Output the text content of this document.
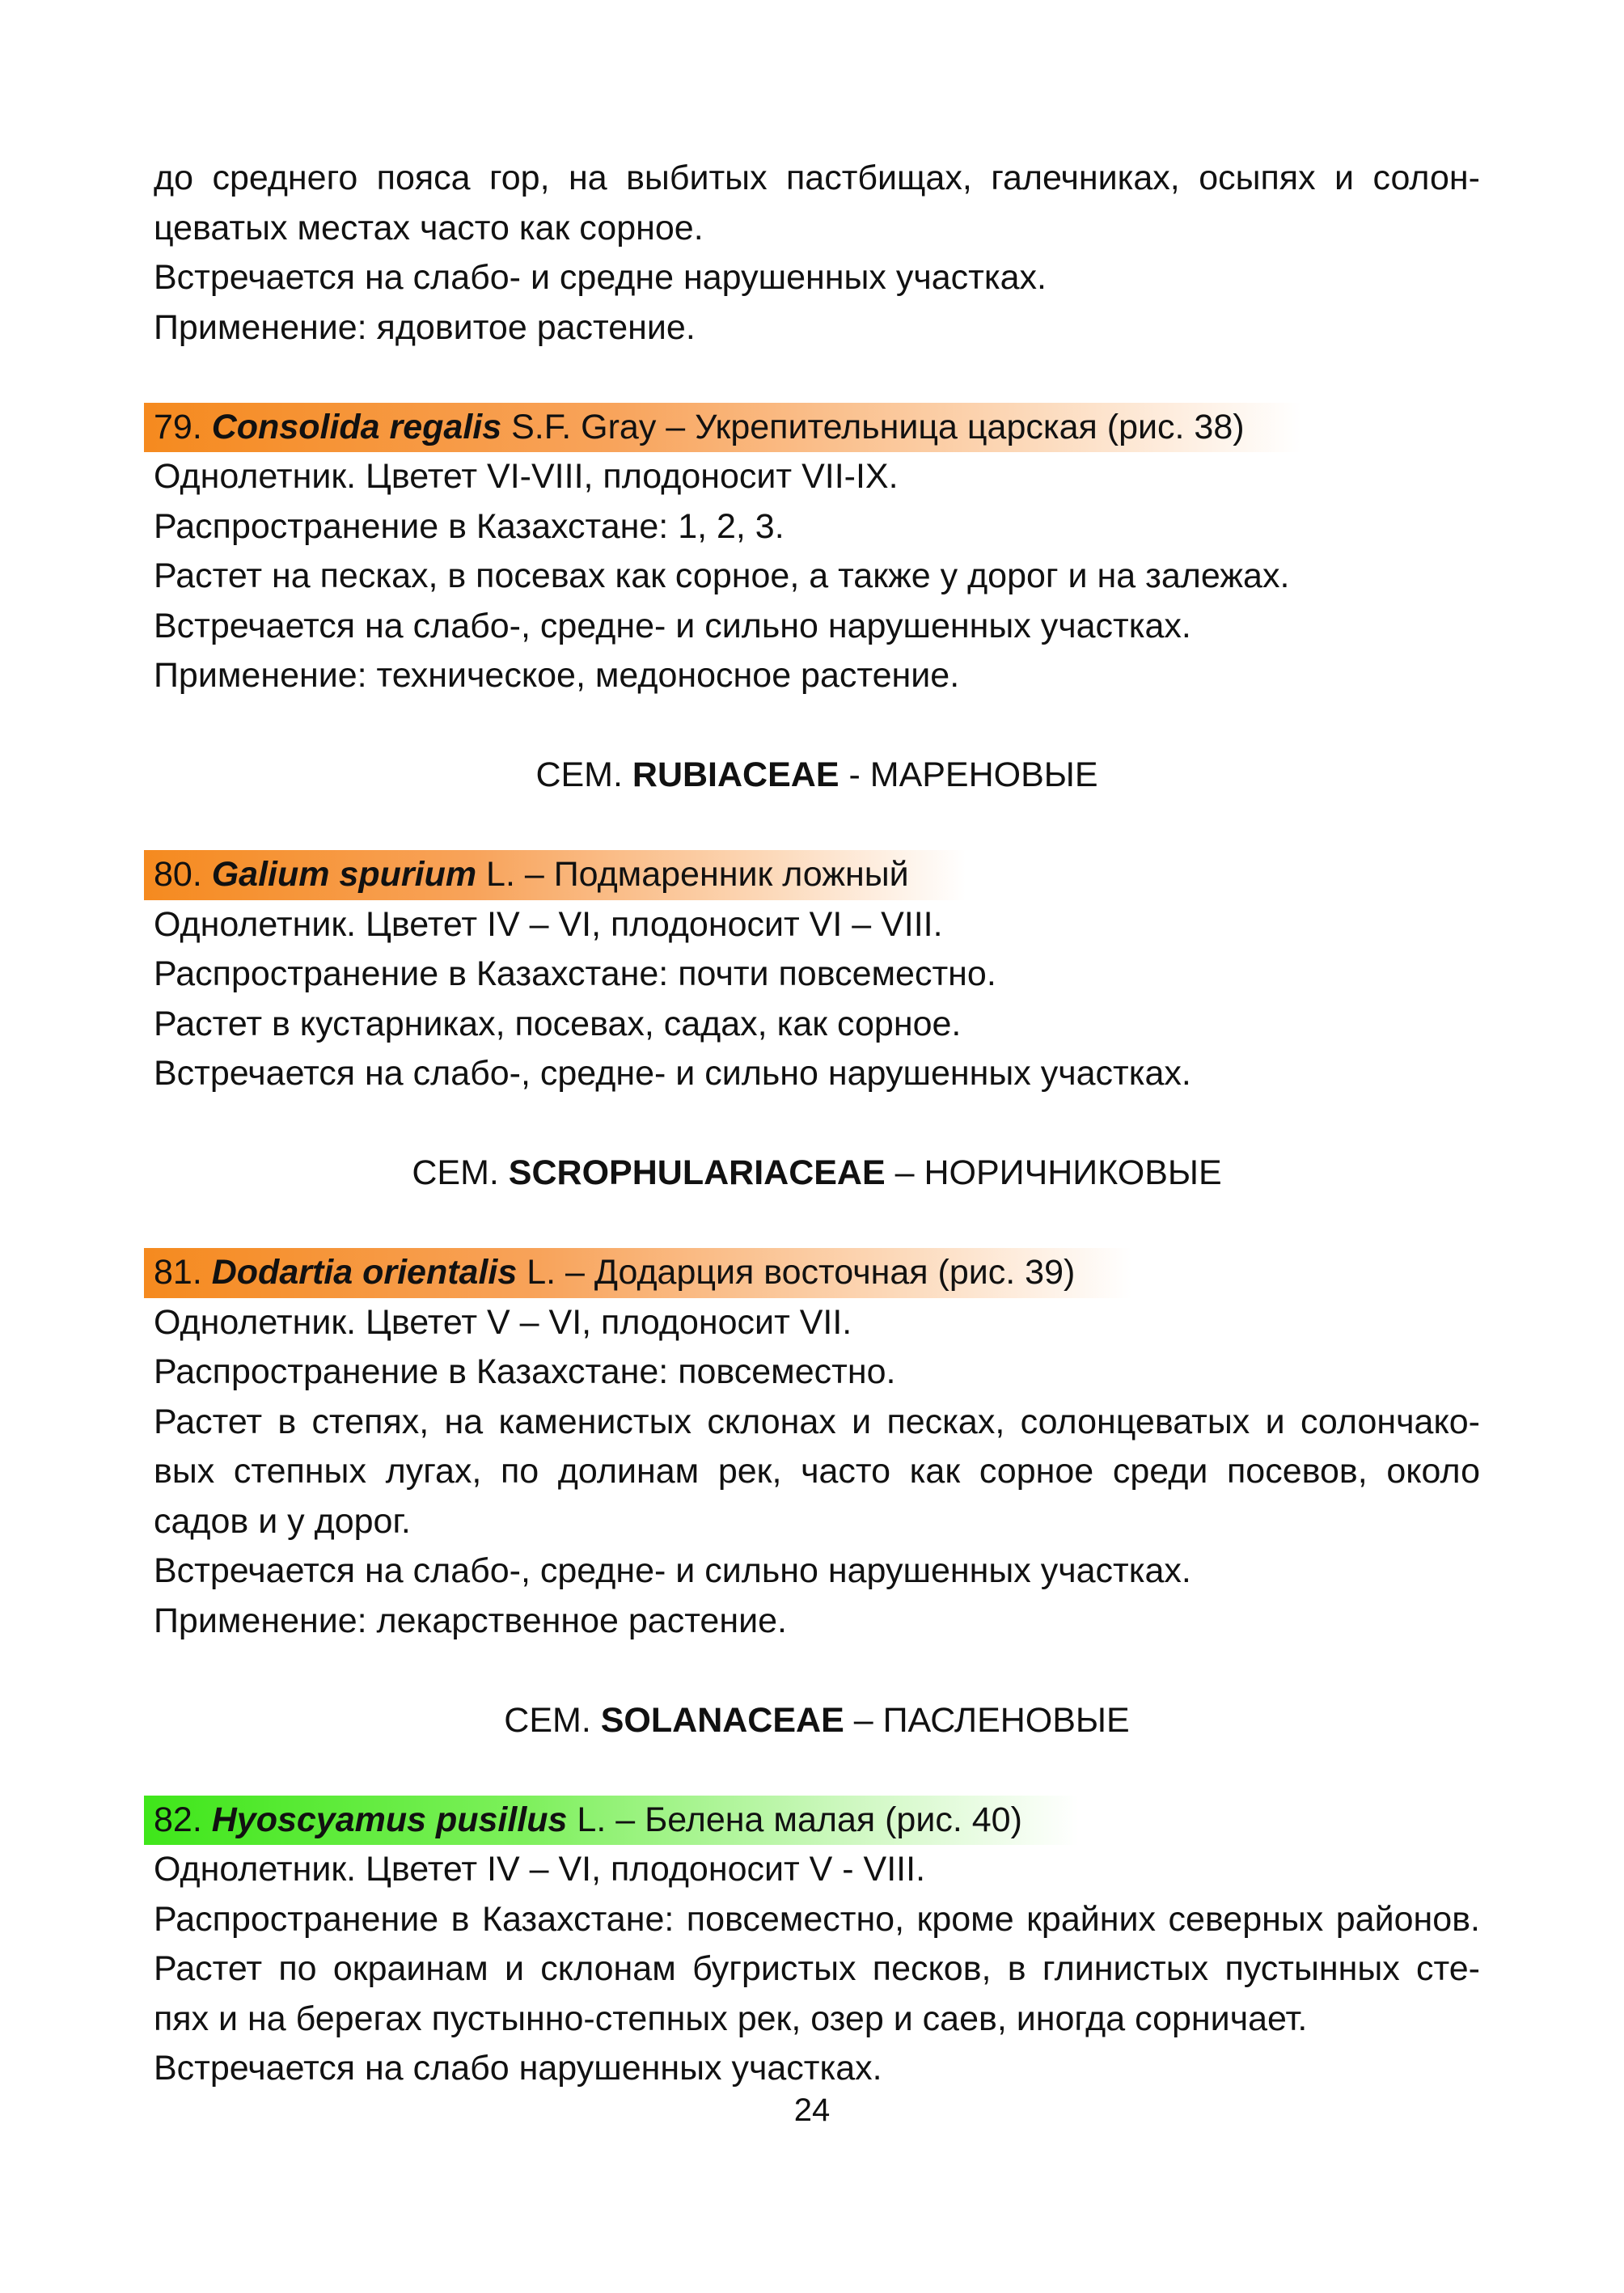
до среднего пояса гор, на выбитых пастбищах, галечниках, осыпях и солон-
цеватых местах часто как сорное.
Встречается на слабо- и средне нарушенных участках.
Применение: ядовитое растение.
79. Consolida regalis S.F. Gray – Укрепительница царская (рис. 38)
Однолетник. Цветет VI-VIII, плодоносит VII-IX.
Распространение в Казахстане: 1, 2, 3.
Растет на песках, в посевах как сорное, а также у дорог и на залежах.
Встречается на слабо-, средне- и сильно нарушенных участках.
Применение: техническое, медоносное растение.
СЕМ. RUBIACEAE - МАРЕНОВЫЕ
80. Galium spurium L. – Подмаренник ложный
Однолетник. Цветет IV – VI, плодоносит VI – VIII.
Распространение в Казахстане: почти повсеместно.
Растет в кустарниках, посевах, садах, как сорное.
Встречается на слабо-, средне- и сильно нарушенных участках.
СЕМ. SCROPHULARIACEAE – НОРИЧНИКОВЫЕ
81. Dodartia orientalis L. – Додарция восточная (рис. 39)
Однолетник. Цветет V – VI, плодоносит VII.
Распространение в Казахстане: повсеместно.
Растет в степях, на каменистых склонах и песках, солонцеватых и солончако-
вых степных лугах, по долинам рек, часто как сорное среди посевов, около
садов и у дорог.
Встречается на слабо-, средне- и сильно нарушенных участках.
Применение: лекарственное растение.
СЕМ. SOLANACEAE – ПАСЛЕНОВЫЕ
82. Hyoscyamus pusillus L. – Белена малая (рис. 40)
Однолетник. Цветет IV – VI, плодоносит V - VIII.
Распространение в Казахстане: повсеместно, кроме крайних северных районов.
Растет по окраинам и склонам бугристых песков, в глинистых пустынных сте-
пях и на берегах пустынно-степных рек, озер и саев, иногда сорничает.
Встречается на слабо нарушенных участках.
24
